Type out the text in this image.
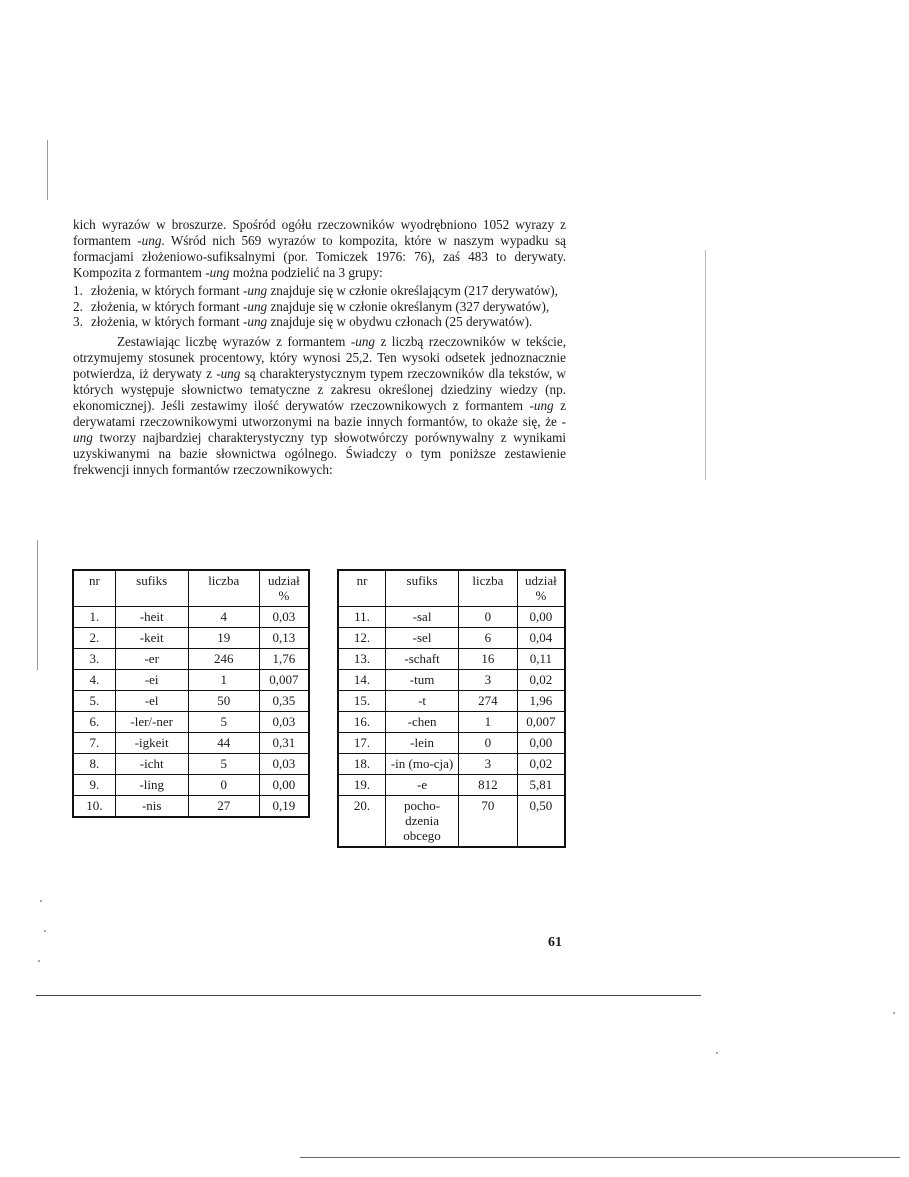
kich wyrazów w broszurze. Spośród ogółu rzeczowników wyodrębniono 1052 wyrazy z formantem -ung. Wśród nich 569 wyrazów to kompozita, które w naszym wypadku są formacjami złożeniowo-sufiksalnymi (por. Tomiczek 1976: 76), zaś 483 to derywaty. Kompozita z formantem -ung można podzielić na 3 grupy:

1. złożenia, w których formant -ung znajduje się w członie określającym (217 derywatów),
2. złożenia, w których formant -ung znajduje się w członie określanym (327 derywatów),
3. złożenia, w których formant -ung znajduje się w obydwu członach (25 derywatów).

Zestawiając liczbę wyrazów z formantem -ung z liczbą rzeczowników w tekście, otrzymujemy stosunek procentowy, który wynosi 25,2. Ten wysoki odsetek jednoznacznie potwierdza, iż derywaty z -ung są charakterystycznym typem rzeczowników dla tekstów, w których występuje słownictwo tematyczne z zakresu określonej dziedziny wiedzy (np. ekonomicznej). Jeśli zestawimy ilość derywatów rzeczownikowych z formantem -ung z derywatami rzeczownikowymi utworzonymi na bazie innych formantów, to okaże się, że -ung tworzy najbardziej charakterystyczny typ słowotwórczy porównywalny z wynikami uzyskiwanymi na bazie słownictwa ogólnego. Świadczy o tym poniższe zestawienie frekwencji innych formantów rzeczownikowych:

nr	sufiks	liczba	udział %
1.	-heit	4	0,03
2.	-keit	19	0,13
3.	-er	246	1,76
4.	-ei	1	0,007
5.	-el	50	0,35
6.	-ler/-ner	5	0,03
7.	-igkeit	44	0,31
8.	-icht	5	0,03
9.	-ling	0	0,00
10.	-nis	27	0,19
nr	sufiks	liczba	udział %
11.	-sal	0	0,00
12.	-sel	6	0,04
13.	-schaft	16	0,11
14.	-tum	3	0,02
15.	-t	274	1,96
16.	-chen	1	0,007
17.	-lein	0	0,00
18.	-in (mo-cja)	3	0,02
19.	-e	812	5,81
20.	pocho-dzenia obcego	70	0,50
61
